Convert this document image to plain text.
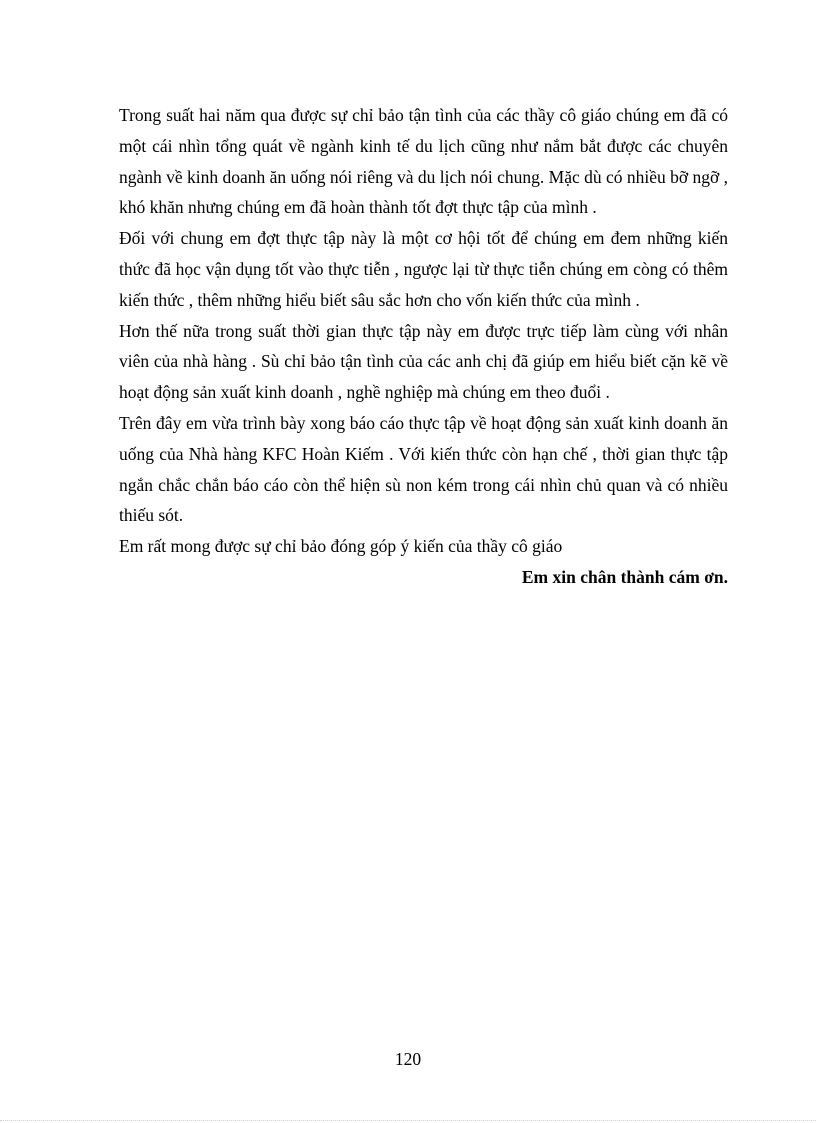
Trong suất hai năm qua được sự chỉ bảo tận tình của các thầy cô giáo chúng em đã có một cái nhìn tổng quát về ngành kinh tế du lịch cũng như nắm bắt được các chuyên ngành về kinh doanh ăn uống nói riêng và du lịch nói chung. Mặc dù có nhiều bỡ ngỡ , khó khăn nhưng chúng em đã hoàn thành tốt đợt thực tập của mình .

Đối với chung em đợt thực tập này là một cơ hội tốt để chúng em đem những kiến thức đã học vận dụng tốt vào thực tiễn , ngược lại từ thực tiễn chúng em còng có thêm kiến thức , thêm những hiểu biết sâu sắc hơn cho vốn kiến thức của mình .

Hơn thế nữa trong suất thời gian thực tập này em được trực tiếp làm cùng với nhân viên của nhà hàng . Sù chỉ bảo tận tình của các anh chị đã giúp em hiểu biết cặn kẽ về hoạt động sản xuất kinh doanh , nghề nghiệp mà chúng em theo đuổi .

Trên đây em vừa trình bày xong báo cáo thực tập về hoạt động sản xuất kinh doanh ăn uống của Nhà hàng KFC Hoàn Kiếm . Với kiến thức còn hạn chế , thời gian thực tập ngắn chắc chắn báo cáo còn thể hiện sù non kém trong cái nhìn chủ quan và có nhiều thiếu sót.

Em rất mong được sự chỉ bảo đóng góp ý kiến của thầy cô giáo

Em xin chân thành cám ơn.

120
